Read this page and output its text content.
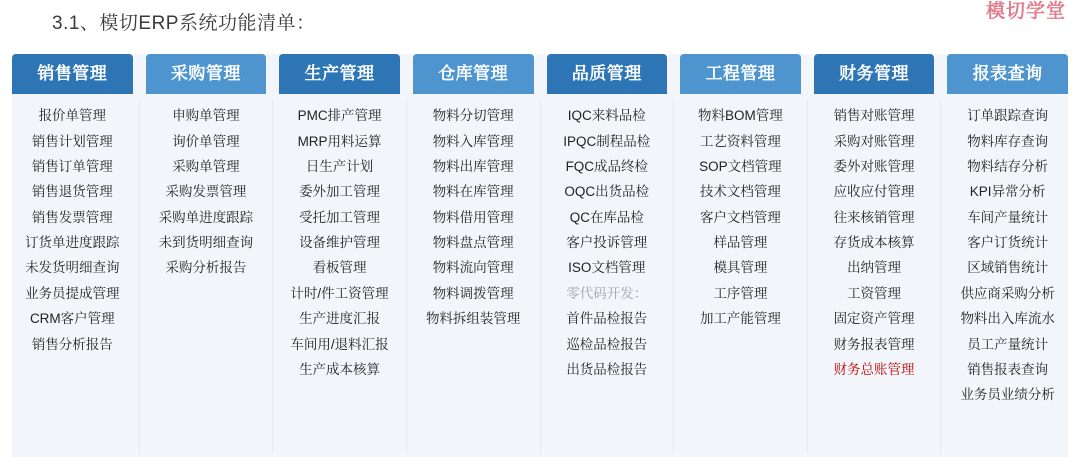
3.1、模切ERP系统功能清单：
模切学堂
销售管理
报价单管理
销售计划管理
销售订单管理
销售退货管理
销售发票管理
订货单进度跟踪
未发货明细查询
业务员提成管理
CRM客户管理
销售分析报告
采购管理
申购单管理
询价单管理
采购单管理
采购发票管理
采购单进度跟踪
未到货明细查询
采购分析报告
生产管理
PMC排产管理
MRP用料运算
日生产计划
委外加工管理
受托加工管理
设备维护管理
看板管理
计时/件工资管理
生产进度汇报
车间用/退料汇报
生产成本核算
仓库管理
物料分切管理
物料入库管理
物料出库管理
物料在库管理
物料借用管理
物料盘点管理
物料流向管理
物料调拨管理
物料拆组装管理
品质管理
IQC来料品检
IPQC制程品检
FQC成品终检
OQC出货品检
QC在库品检
客户投诉管理
ISO文档管理
零代码开发：
首件品检报告
巡检品检报告
出货品检报告
工程管理
物料BOM管理
工艺资料管理
SOP文档管理
技术文档管理
客户文档管理
样品管理
模具管理
工序管理
加工产能管理
财务管理
销售对账管理
采购对账管理
委外对账管理
应收应付管理
往来核销管理
存货成本核算
出纳管理
工资管理
固定资产管理
财务报表管理
财务总账管理
报表查询
订单跟踪查询
物料库存查询
物料结存分析
KPI异常分析
车间产量统计
客户订货统计
区域销售统计
供应商采购分析
物料出入库流水
员工产量统计
销售报表查询
业务员业绩分析
